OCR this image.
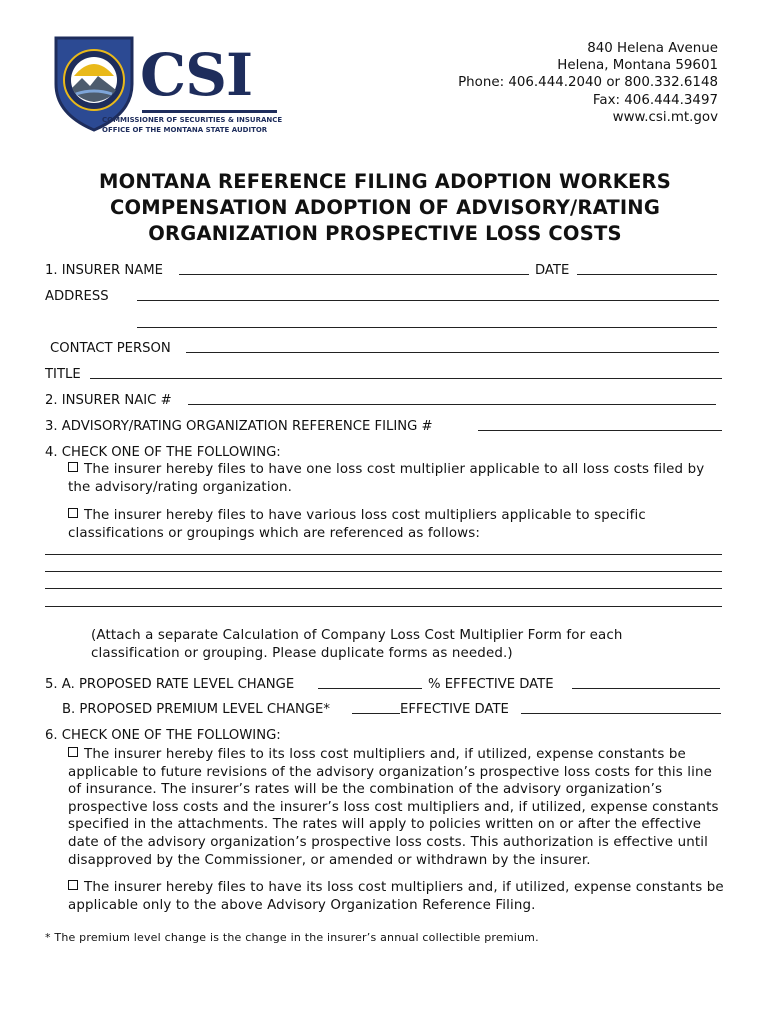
CSI
COMMISSIONER OF SECURITIES & INSURANCE
OFFICE OF THE MONTANA STATE AUDITOR
840 Helena Avenue
Helena, Montana 59601
Phone: 406.444.2040 or 800.332.6148
Fax: 406.444.3497
www.csi.mt.gov
MONTANA REFERENCE FILING ADOPTION WORKERS
COMPENSATION ADOPTION OF ADVISORY/RATING
ORGANIZATION PROSPECTIVE LOSS COSTS
1. INSURER NAME	DATE
ADDRESS
CONTACT PERSON
TITLE
2. INSURER NAIC #
3. ADVISORY/RATING ORGANIZATION REFERENCE FILING #
4. CHECK ONE OF THE FOLLOWING:
The insurer hereby files to have one loss cost multiplier applicable to all loss costs filed by the advisory/rating organization.
The insurer hereby files to have various loss cost multipliers applicable to specific classifications or groupings which are referenced as follows:
(Attach a separate Calculation of Company Loss Cost Multiplier Form for each classification or grouping. Please duplicate forms as needed.)
5. A. PROPOSED RATE LEVEL CHANGE	% EFFECTIVE DATE
B. PROPOSED PREMIUM LEVEL CHANGE*	EFFECTIVE DATE
6. CHECK ONE OF THE FOLLOWING:
The insurer hereby files to its loss cost multipliers and, if utilized, expense constants be applicable to future revisions of the advisory organization’s prospective loss costs for this line of insurance. The insurer’s rates will be the combination of the advisory organization’s prospective loss costs and the insurer’s loss cost multipliers and, if utilized, expense constants specified in the attachments. The rates will apply to policies written on or after the effective date of the advisory organization’s prospective loss costs. This authorization is effective until disapproved by the Commissioner, or amended or withdrawn by the insurer.
The insurer hereby files to have its loss cost multipliers and, if utilized, expense constants be applicable only to the above Advisory Organization Reference Filing.
* The premium level change is the change in the insurer’s annual collectible premium.
